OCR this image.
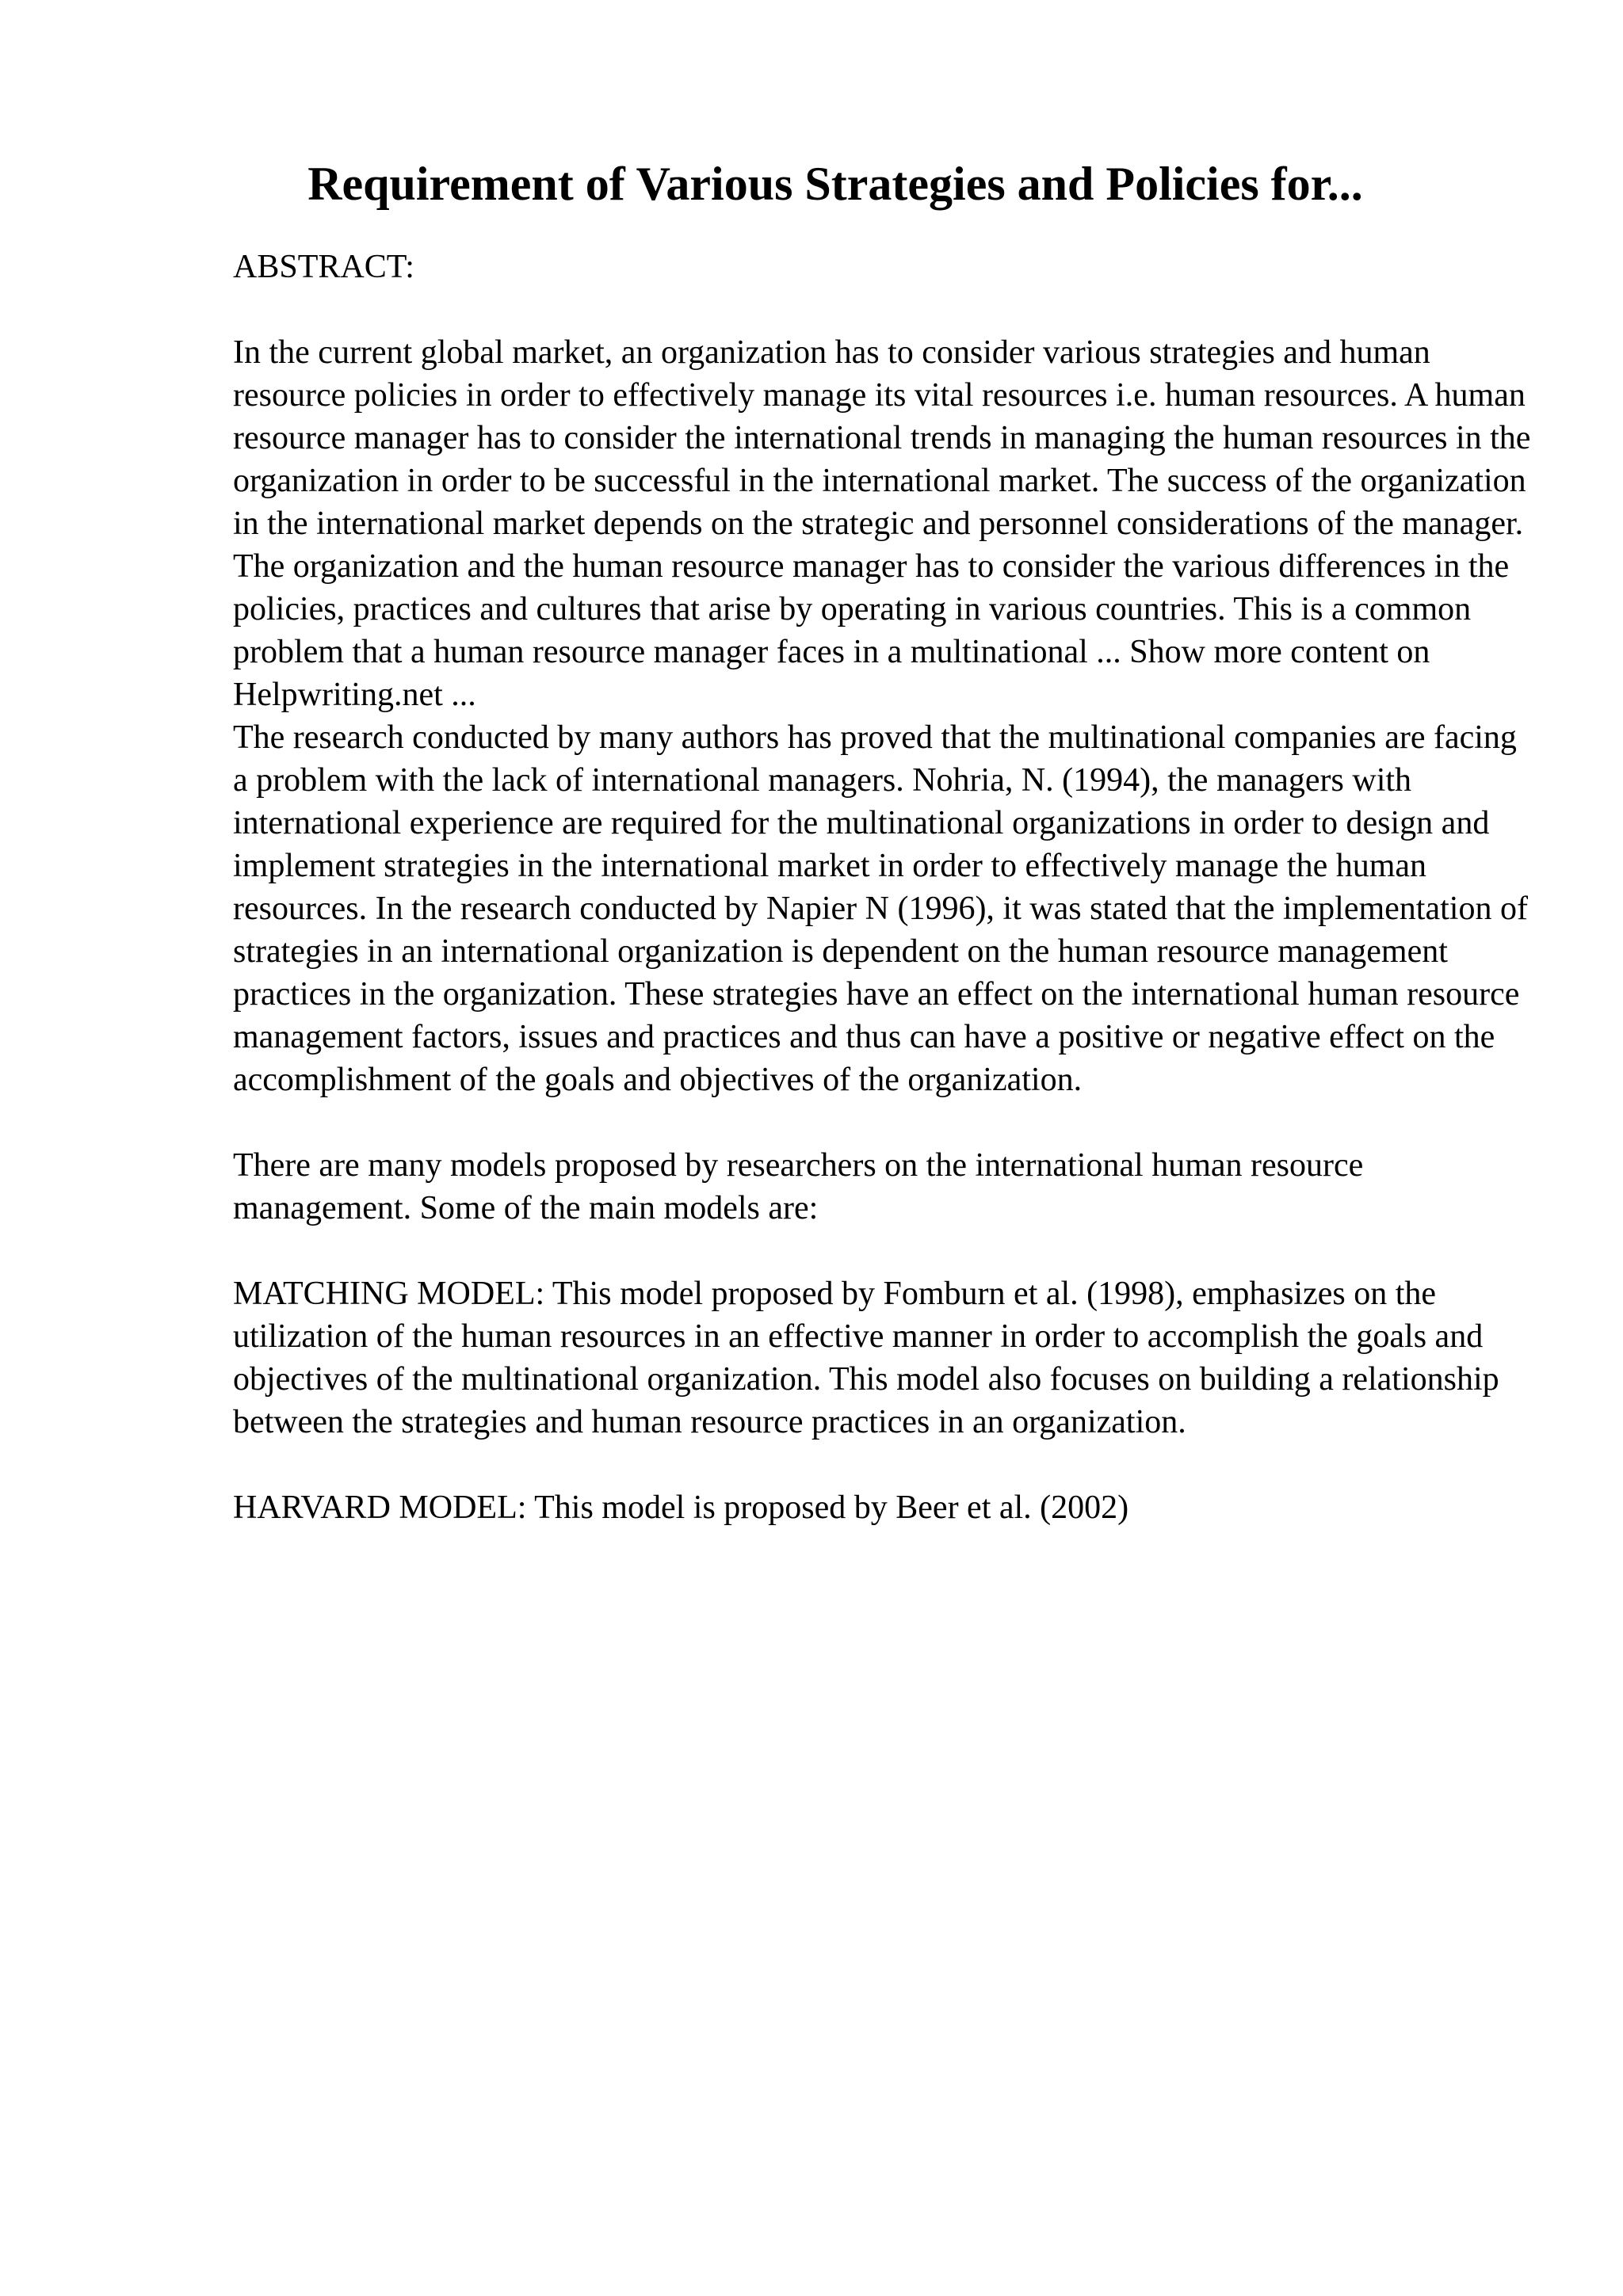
Requirement of Various Strategies and Policies for...

ABSTRACT:

In the current global market, an organization has to consider various strategies and human resource policies in order to effectively manage its vital resources i.e. human resources. A human resource manager has to consider the international trends in managing the human resources in the organization in order to be successful in the international market. The success of the organization in the international market depends on the strategic and personnel considerations of the manager. The organization and the human resource manager has to consider the various differences in the policies, practices and cultures that arise by operating in various countries. This is a common problem that a human resource manager faces in a multinational ... Show more content on Helpwriting.net ...

The research conducted by many authors has proved that the multinational companies are facing a problem with the lack of international managers. Nohria, N. (1994), the managers with international experience are required for the multinational organizations in order to design and implement strategies in the international market in order to effectively manage the human resources. In the research conducted by Napier N (1996), it was stated that the implementation of strategies in an international organization is dependent on the human resource management practices in the organization. These strategies have an effect on the international human resource management factors, issues and practices and thus can have a positive or negative effect on the accomplishment of the goals and objectives of the organization.

There are many models proposed by researchers on the international human resource management. Some of the main models are:

MATCHING MODEL: This model proposed by Fomburn et al. (1998), emphasizes on the utilization of the human resources in an effective manner in order to accomplish the goals and objectives of the multinational organization. This model also focuses on building a relationship between the strategies and human resource practices in an organization.

HARVARD MODEL: This model is proposed by Beer et al. (2002)
